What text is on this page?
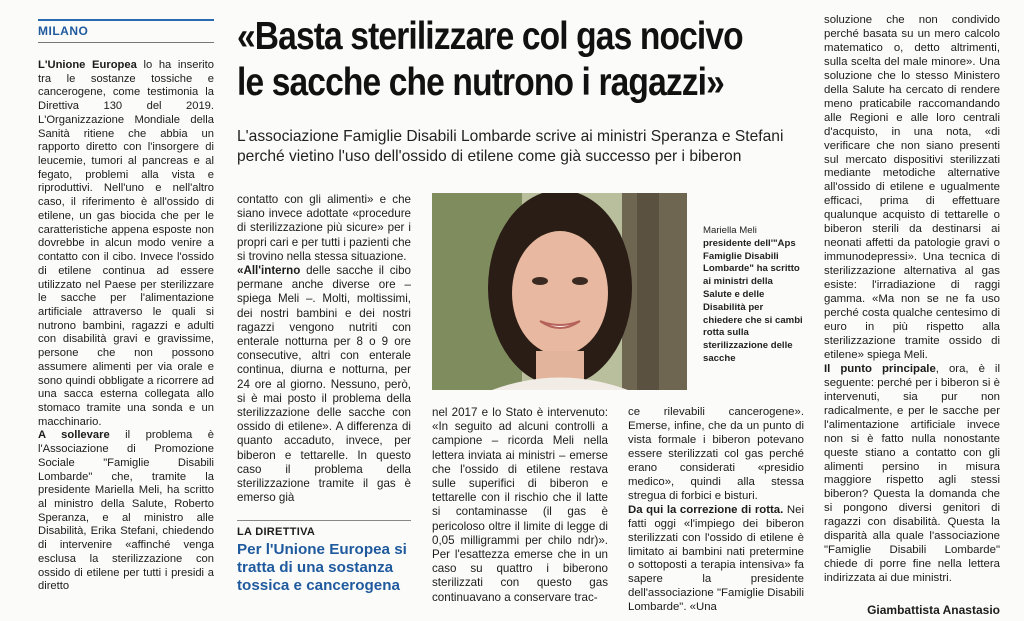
MILANO	«Basta sterilizzare col gas nocivo
le sacche che nutrono i ragazzi»
L'associazione Famiglie Disabili Lombarde scrive ai ministri Speranza e Stefani
perché vietino l'uso dell'ossido di etilene come già successo per i biberon

L'Unione Europea lo ha inserito tra le sostanze tossiche e cancerogene, come testimonia la Direttiva 130 del 2019. L'Organizzazione Mondiale della Sanità ritiene che abbia un rapporto diretto con l'insorgere di leucemie, tumori al pancreas e al fegato, problemi alla vista e riproduttivi. Nell'uno e nell'altro caso, il riferimento è all'ossido di etilene, un gas biocida che per le caratteristiche appena esposte non dovrebbe in alcun modo venire a contatto con il cibo. Invece l'ossido di etilene continua ad essere utilizzato nel Paese per sterilizzare le sacche per l'alimentazione artificiale attraverso le quali si nutrono bambini, ragazzi e adulti con disabilità gravi e gravissime, persone che non possono assumere alimenti per via orale e sono quindi obbligate a ricorrere ad una sacca esterna collegata allo stomaco tramite una sonda e un macchinario.

A sollevare il problema è l'Associazione di Promozione Sociale "Famiglie Disabili Lombarde" che, tramite la presidente Mariella Meli, ha scritto al ministro della Salute, Roberto Speranza, e al ministro alle Disabilità, Erika Stefani, chiedendo di intervenire «affinché venga esclusa la sterilizzazione con ossido di etilene per tutti i presidi a diretto

contatto con gli alimenti» e che siano invece adottate «procedure di sterilizzazione più sicure» per i propri cari e per tutti i pazienti che si trovino nella stessa situazione.

«All'interno delle sacche il cibo permane anche diverse ore – spiega Meli –. Molti, moltissimi, dei nostri bambini e dei nostri ragazzi vengono nutriti con enterale notturna per 8 o 9 ore consecutive, altri con enterale continua, diurna e notturna, per 24 ore al giorno. Nessuno, però, si è mai posto il problema della sterilizzazione delle sacche con ossido di etilene». A differenza di quanto accaduto, invece, per biberon e tettarelle. In questo caso il problema della sterilizzazione tramite il gas è emerso già

Mariella Meli
presidente dell'"Aps Famiglie Disabili Lombarde" ha scritto ai ministri della Salute e delle Disabilità per chiedere che si cambi rotta sulla sterilizzazione delle sacche
LA DIRETTIVA
Per l'Unione Europea si tratta di una sostanza tossica e cancerogena

nel 2017 e lo Stato è intervenuto: «In seguito ad alcuni controlli a campione – ricorda Meli nella lettera inviata ai ministri – emerse che l'ossido di etilene restava sulle superifici di biberon e tettarelle con il rischio che il latte si contaminasse (il gas è pericoloso oltre il limite di legge di 0,05 milligrammi per chilo ndr)». Per l'esattezza emerse che in un caso su quattro i biberono sterilizzati con questo gas continuavano a conservare trac-

ce rilevabili cancerogene». Emerse, infine, che da un punto di vista formale i biberon potevano essere sterilizzati col gas perché erano considerati «presidio medico», quindi alla stessa stregua di forbici e bisturi.

Da qui la correzione di rotta. Nei fatti oggi «l'impiego dei biberon sterilizzati con l'ossido di etilene è limitato ai bambini nati pretermine o sottoposti a terapia intensiva» fa sapere la presidente dell'associazione "Famiglie Disabili Lombarde". «Una

soluzione che non condivido perché basata su un mero calcolo matematico o, detto altrimenti, sulla scelta del male minore». Una soluzione che lo stesso Ministero della Salute ha cercato di rendere meno praticabile raccomandando alle Regioni e alle loro centrali d'acquisto, in una nota, «di verificare che non siano presenti sul mercato dispositivi sterilizzati mediante metodiche alternative all'ossido di etilene e ugualmente efficaci, prima di effettuare qualunque acquisto di tettarelle o biberon sterili da destinarsi ai neonati affetti da patologie gravi o immunodepressi». Una tecnica di sterilizzazione alternativa al gas esiste: l'irradiazione di raggi gamma. «Ma non se ne fa uso perché costa qualche centesimo di euro in più rispetto alla sterilizzazione tramite ossido di etilene» spiega Meli.

Il punto principale, ora, è il seguente: perché per i biberon si è intervenuti, sia pur non radicalmente, e per le sacche per l'alimentazione artificiale invece non si è fatto nulla nonostante queste stiano a contatto con gli alimenti persino in misura maggiore rispetto agli stessi biberon? Questa la domanda che si pongono diversi genitori di ragazzi con disabilità. Questa la disparità alla quale l'associazione "Famiglie Disabili Lombarde" chiede di porre fine nella lettera indirizzata ai due ministri.

Giambattista Anastasio
